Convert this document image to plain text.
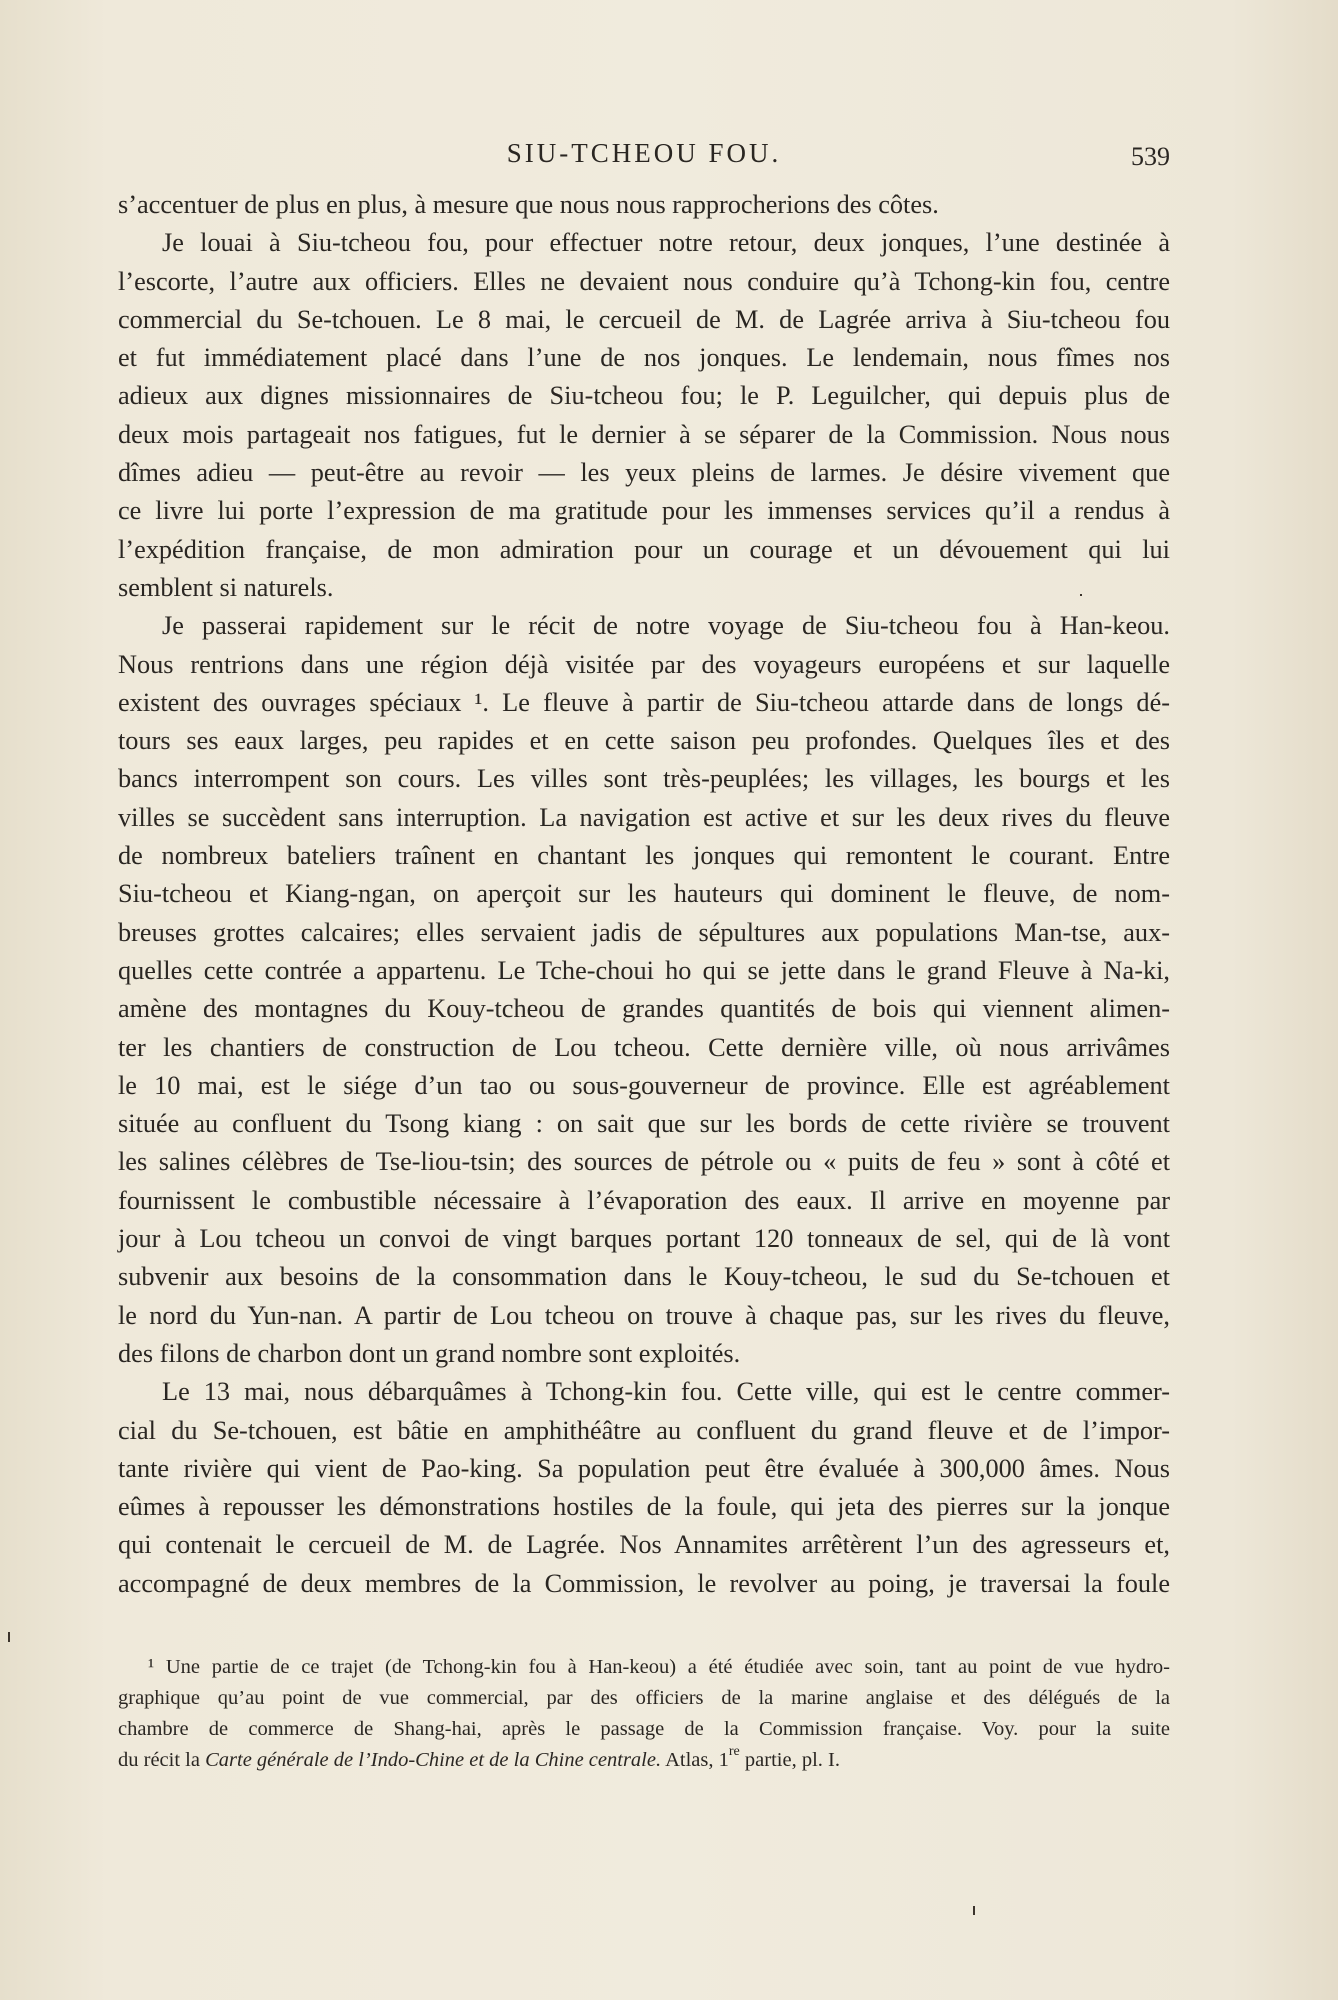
SIU-TCHEOU FOU.	539

s’accentuer de plus en plus, à mesure que nous nous rapprocherions des côtes.

Je louai à Siu-tcheou fou, pour effectuer notre retour, deux jonques, l’une destinée à
l’escorte, l’autre aux officiers. Elles ne devaient nous conduire qu’à Tchong-kin fou, centre
commercial du Se-tchouen. Le 8 mai, le cercueil de M. de Lagrée arriva à Siu-tcheou fou
et fut immédiatement placé dans l’une de nos jonques. Le lendemain, nous fîmes nos
adieux aux dignes missionnaires de Siu-tcheou fou; le P. Leguilcher, qui depuis plus de
deux mois partageait nos fatigues, fut le dernier à se séparer de la Commission. Nous nous
dîmes adieu — peut-être au revoir — les yeux pleins de larmes. Je désire vivement que
ce livre lui porte l’expression de ma gratitude pour les immenses services qu’il a rendus à
l’expédition française, de mon admiration pour un courage et un dévouement qui lui
semblent si naturels.

Je passerai rapidement sur le récit de notre voyage de Siu-tcheou fou à Han-keou.
Nous rentrions dans une région déjà visitée par des voyageurs européens et sur laquelle
existent des ouvrages spéciaux ¹. Le fleuve à partir de Siu-tcheou attarde dans de longs dé-
tours ses eaux larges, peu rapides et en cette saison peu profondes. Quelques îles et des
bancs interrompent son cours. Les villes sont très-peuplées; les villages, les bourgs et les
villes se succèdent sans interruption. La navigation est active et sur les deux rives du fleuve
de nombreux bateliers traînent en chantant les jonques qui remontent le courant. Entre
Siu-tcheou et Kiang-ngan, on aperçoit sur les hauteurs qui dominent le fleuve, de nom-
breuses grottes calcaires; elles servaient jadis de sépultures aux populations Man-tse, aux-
quelles cette contrée a appartenu. Le Tche-choui ho qui se jette dans le grand Fleuve à Na-ki,
amène des montagnes du Kouy-tcheou de grandes quantités de bois qui viennent alimen-
ter les chantiers de construction de Lou tcheou. Cette dernière ville, où nous arrivâmes
le 10 mai, est le siége d’un tao ou sous-gouverneur de province. Elle est agréablement
située au confluent du Tsong kiang : on sait que sur les bords de cette rivière se trouvent
les salines célèbres de Tse-liou-tsin; des sources de pétrole ou « puits de feu » sont à côté et
fournissent le combustible nécessaire à l’évaporation des eaux. Il arrive en moyenne par
jour à Lou tcheou un convoi de vingt barques portant 120 tonneaux de sel, qui de là vont
subvenir aux besoins de la consommation dans le Kouy-tcheou, le sud du Se-tchouen et
le nord du Yun-nan. A partir de Lou tcheou on trouve à chaque pas, sur les rives du fleuve,
des filons de charbon dont un grand nombre sont exploités.

Le 13 mai, nous débarquâmes à Tchong-kin fou. Cette ville, qui est le centre commer-
cial du Se-tchouen, est bâtie en amphithéâtre au confluent du grand fleuve et de l’impor-
tante rivière qui vient de Pao-king. Sa population peut être évaluée à 300,000 âmes. Nous
eûmes à repousser les démonstrations hostiles de la foule, qui jeta des pierres sur la jonque
qui contenait le cercueil de M. de Lagrée. Nos Annamites arrêtèrent l’un des agresseurs et,
accompagné de deux membres de la Commission, le revolver au poing, je traversai la foule

¹ Une partie de ce trajet (de Tchong-kin fou à Han-keou) a été étudiée avec soin, tant au point de vue hydro-
graphique qu’au point de vue commercial, par des officiers de la marine anglaise et des délégués de la
chambre de commerce de Shang-hai, après le passage de la Commission française. Voy. pour la suite
du récit la Carte générale de l’Indo-Chine et de la Chine centrale. Atlas, 1re partie, pl. I.
